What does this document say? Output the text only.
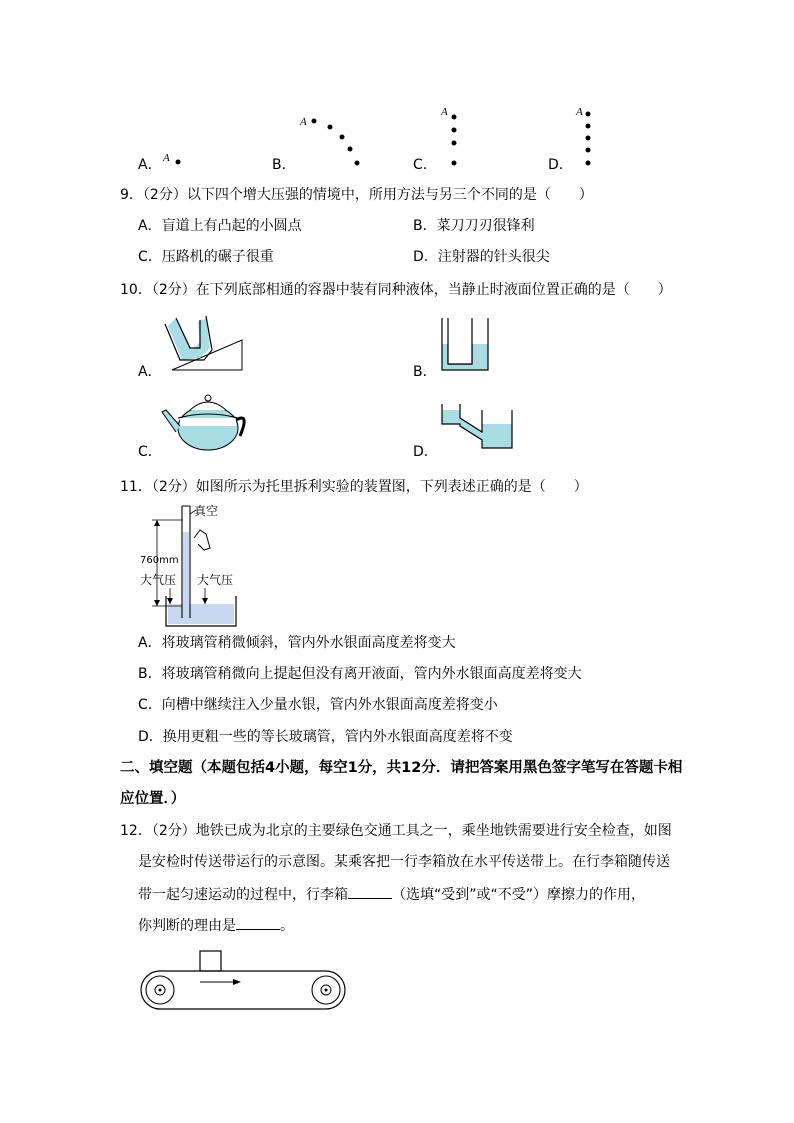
A．	B．	C．	D．
A
A
A	A
9．（2分）以下四个增大压强的情境中，所用方法与另三个不同的是（　　）
A．盲道上有凸起的小圆点	B．菜刀刀刃很锋利
C．压路机的碾子很重	D．注射器的针头很尖
10．（2分）在下列底部相通的容器中装有同种液体，当静止时液面位置正确的是（　　）
A．	B．
C．	D．
11．（2分）如图所示为托里拆利实验的装置图，下列表述正确的是（　　）
真空
760mm
大气压 大气压
A．将玻璃管稍微倾斜，管内外水银面高度差将变大
B．将玻璃管稍微向上提起但没有离开液面，管内外水银面高度差将变大
C．向槽中继续注入少量水银，管内外水银面高度差将变小
D．换用更粗一些的等长玻璃管，管内外水银面高度差将不变
二、填空题（本题包括4小题，每空1分，共12分．请把答案用黑色签字笔写在答题卡相
应位置．）
12．（2分）地铁已成为北京的主要绿色交通工具之一，乘坐地铁需要进行安全检查，如图
是安检时传送带运行的示意图。某乘客把一行李箱放在水平传送带上。在行李箱随传送
带一起匀速运动的过程中，行李箱	（选填“受到”或“不受”）摩擦力的作用，
你判断的理由是	。
